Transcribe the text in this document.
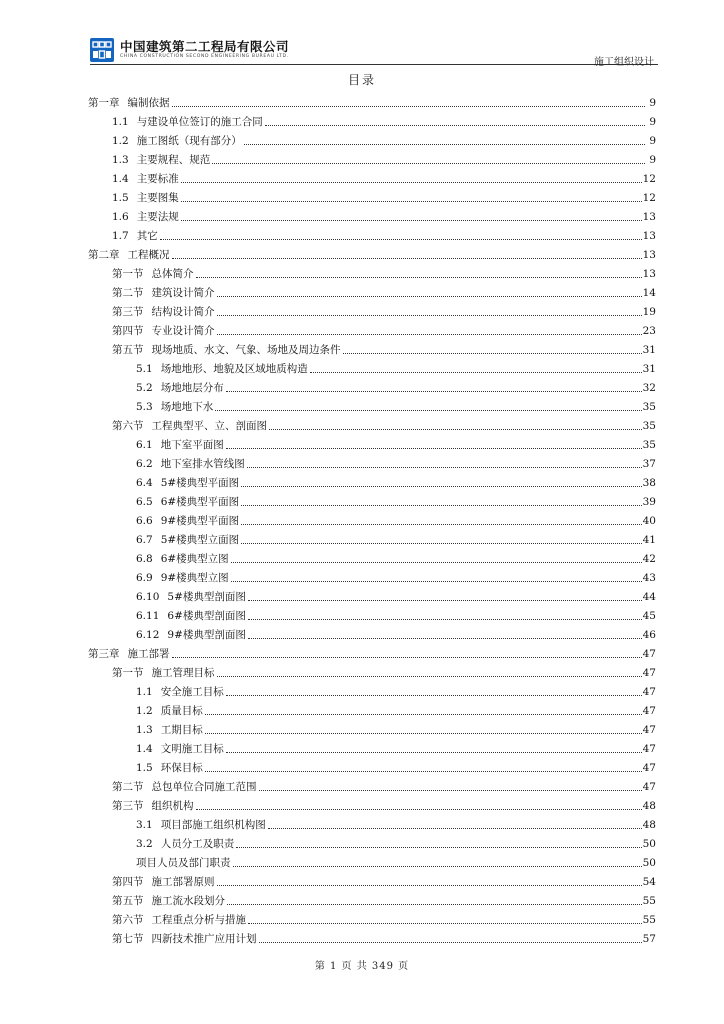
中国建筑第二工程局有限公司
CHINA CONSTRUCTION SECOND ENGINEERING BUREAU LTD.
施工组织设计
目录
第一章 编制依据	9
1.1 与建设单位签订的施工合同	9
1.2 施工图纸（现有部分）	9
1.3 主要规程、规范	9
1.4 主要标准	12
1.5 主要图集	12
1.6 主要法规	13
1.7 其它	13
第二章 工程概况	13
第一节 总体简介	13
第二节 建筑设计简介	14
第三节 结构设计简介	19
第四节 专业设计简介	23
第五节 现场地质、水文、气象、场地及周边条件	31
5.1 场地地形、地貌及区域地质构造	31
5.2 场地地层分布	32
5.3 场地地下水	35
第六节 工程典型平、立、剖面图	35
6.1 地下室平面图	35
6.2 地下室排水管线图	37
6.4 5#楼典型平面图	38
6.5 6#楼典型平面图	39
6.6 9#楼典型平面图	40
6.7 5#楼典型立面图	41
6.8 6#楼典型立图	42
6.9 9#楼典型立图	43
6.10 5#楼典型剖面图	44
6.11 6#楼典型剖面图	45
6.12 9#楼典型剖面图	46
第三章 施工部署	47
第一节 施工管理目标	47
1.1 安全施工目标	47
1.2 质量目标	47
1.3 工期目标	47
1.4 文明施工目标	47
1.5 环保目标	47
第二节 总包单位合同施工范围	47
第三节 组织机构	48
3.1 项目部施工组织机构图	48
3.2 人员分工及职责	50
项目人员及部门职责	50
第四节 施工部署原则	54
第五节 施工流水段划分	55
第六节 工程重点分析与措施	55
第七节 四新技术推广应用计划	57
第 1 页 共 349 页
